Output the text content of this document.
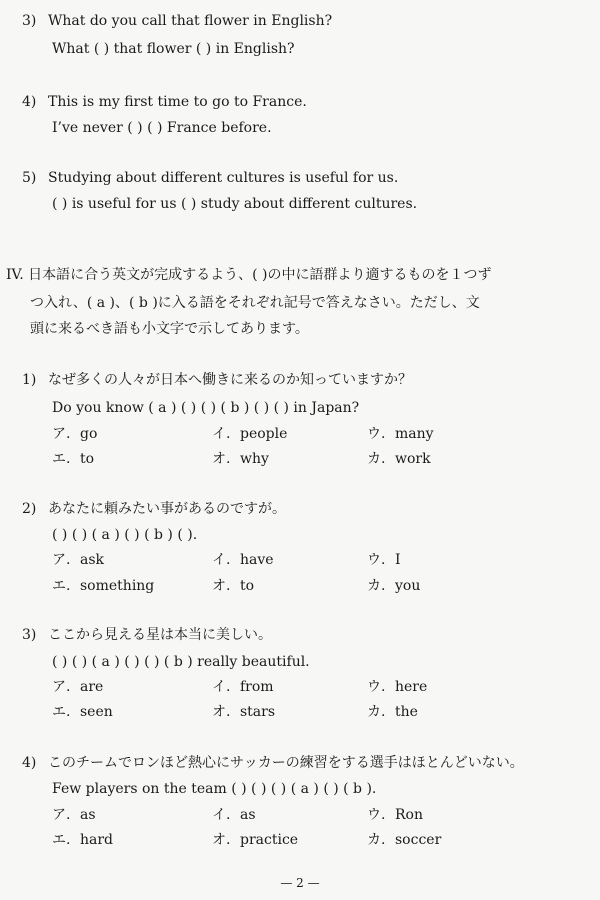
3) What do you call that flower in English?
What ( ) that flower ( ) in English?
4) This is my first time to go to France.
I’ve never ( ) ( ) France before.
5) Studying about different cultures is useful for us.
( ) is useful for us ( ) study about different cultures.
IV. 日本語に合う英文が完成するよう、( )の中に語群より適するものを１つず
つ入れ、( a )、( b )に入る語をそれぞれ記号で答えなさい。ただし、文
頭に来るべき語も小文字で示してあります。
1) なぜ多くの人々が日本へ働きに来るのか知っていますか？
Do you know ( a ) ( ) ( ) ( b ) ( ) ( ) in Japan?
ア. go	イ. people	ウ. many
エ. to	オ. why	カ. work
2) あなたに頼みたい事があるのですが。
( ) ( ) ( a ) ( ) ( b ) ( ).
ア. ask	イ. have	ウ. I
エ. something	オ. to	カ. you
3) ここから見える星は本当に美しい。
( ) ( ) ( a ) ( ) ( ) ( b ) really beautiful.
ア. are	イ. from	ウ. here
エ. seen	オ. stars	カ. the
4) このチームでロンほど熱心にサッカーの練習をする選手はほとんどいない。
Few players on the team ( ) ( ) ( ) ( a ) ( ) ( b ).
ア. as	イ. as	ウ. Ron
エ. hard	オ. practice	カ. soccer
— 2 —
